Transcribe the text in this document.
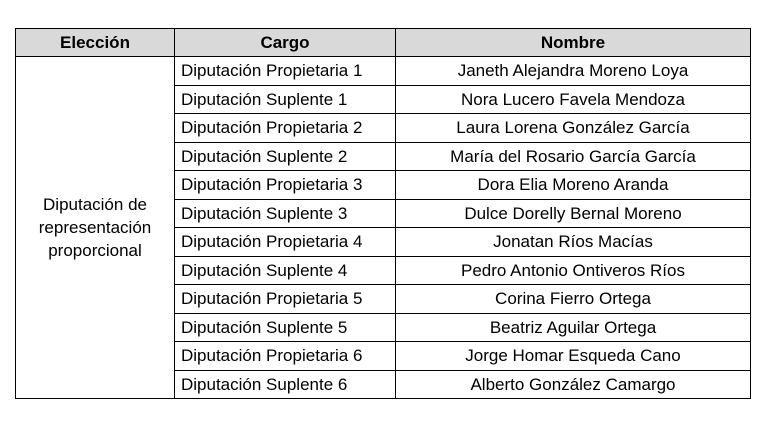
Elección	Cargo	Nombre
Diputación de
representación
proporcional	Diputación Propietaria 1	Janeth Alejandra Moreno Loya
	Diputación Suplente 1	Nora Lucero Favela Mendoza
	Diputación Propietaria 2	Laura Lorena González García
	Diputación Suplente 2	María del Rosario García García
	Diputación Propietaria 3	Dora Elia Moreno Aranda
	Diputación Suplente 3	Dulce Dorelly Bernal Moreno
	Diputación Propietaria 4	Jonatan Ríos Macías
	Diputación Suplente 4	Pedro Antonio Ontiveros Ríos
	Diputación Propietaria 5	Corina Fierro Ortega
	Diputación Suplente 5	Beatriz Aguilar Ortega
	Diputación Propietaria 6	Jorge Homar Esqueda Cano
	Diputación Suplente 6	Alberto González Camargo
